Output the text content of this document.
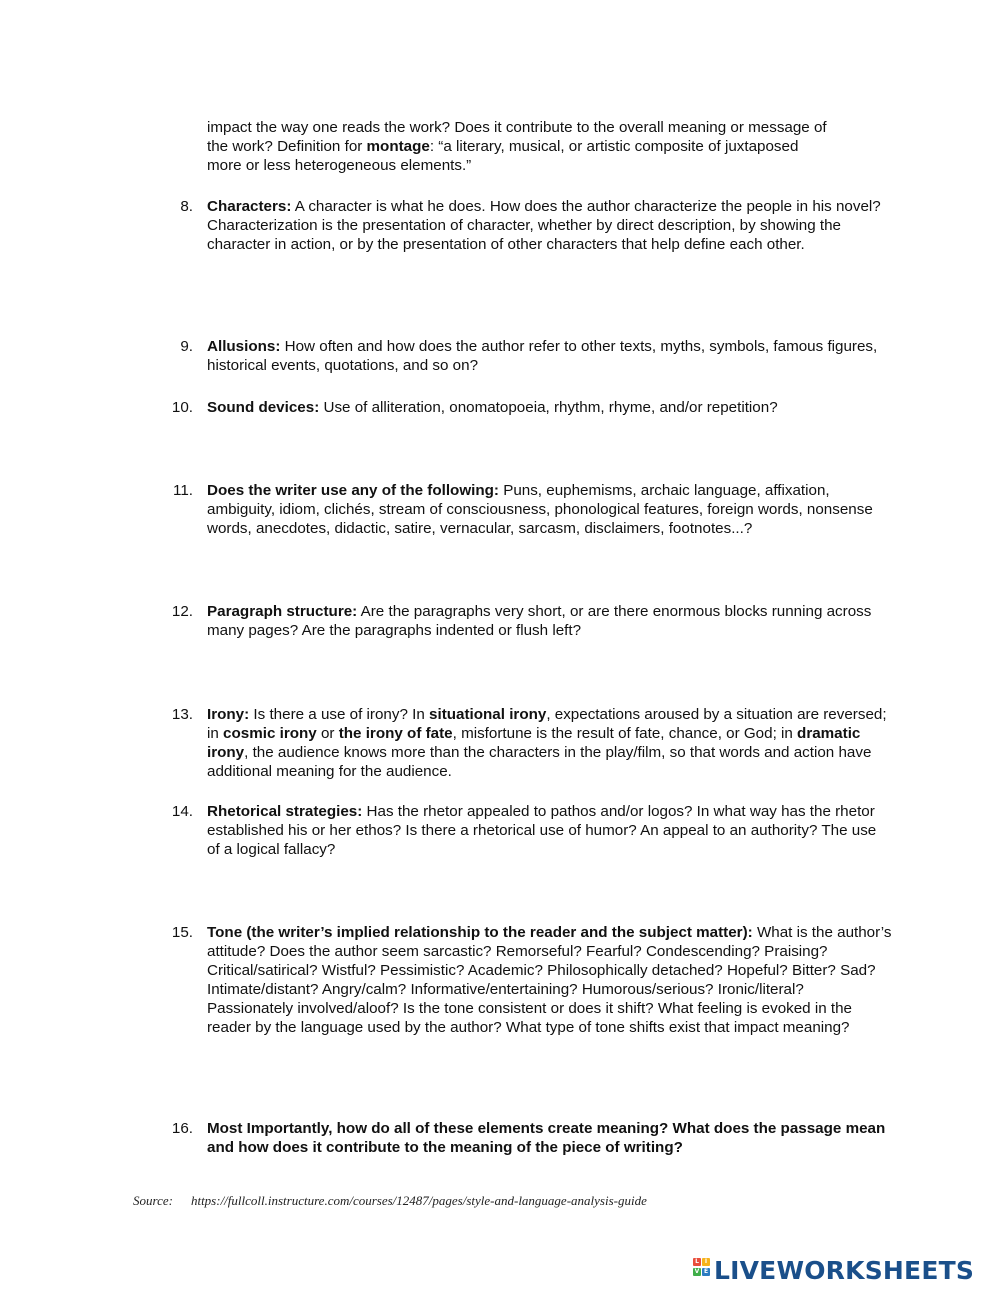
impact the way one reads the work? Does it contribute to the overall meaning or message of
the work? Definition for montage: “a literary, musical, or artistic composite of juxtaposed
more or less heterogeneous elements.”
8. Characters: A character is what he does. How does the author characterize the people in his novel? Characterization is the presentation of character, whether by direct description, by showing the character in action, or by the presentation of other characters that help define each other.
9. Allusions: How often and how does the author refer to other texts, myths, symbols, famous figures, historical events, quotations, and so on?
10. Sound devices: Use of alliteration, onomatopoeia, rhythm, rhyme, and/or repetition?
11. Does the writer use any of the following: Puns, euphemisms, archaic language, affixation, ambiguity, idiom, clichés, stream of consciousness, phonological features, foreign words, nonsense words, anecdotes, didactic, satire, vernacular, sarcasm, disclaimers, footnotes...?
12. Paragraph structure: Are the paragraphs very short, or are there enormous blocks running across many pages? Are the paragraphs indented or flush left?
13. Irony: Is there a use of irony? In situational irony, expectations aroused by a situation are reversed; in cosmic irony or the irony of fate, misfortune is the result of fate, chance, or God; in dramatic irony, the audience knows more than the characters in the play/film, so that words and action have additional meaning for the audience.
14. Rhetorical strategies: Has the rhetor appealed to pathos and/or logos? In what way has the rhetor established his or her ethos? Is there a rhetorical use of humor? An appeal to an authority? The use of a logical fallacy?
15. Tone (the writer’s implied relationship to the reader and the subject matter): What is the author’s attitude? Does the author seem sarcastic? Remorseful? Fearful? Condescending? Praising? Critical/satirical? Wistful? Pessimistic? Academic? Philosophically detached? Hopeful? Bitter? Sad? Intimate/distant? Angry/calm? Informative/entertaining? Humorous/serious? Ironic/literal? Passionately involved/aloof? Is the tone consistent or does it shift? What feeling is evoked in the reader by the language used by the author? What type of tone shifts exist that impact meaning?
16. Most Importantly, how do all of these elements create meaning? What does the passage mean and how does it contribute to the meaning of the piece of writing?
Source: https://fullcoll.instructure.com/courses/12487/pages/style-and-language-analysis-guide
L I
V E LIVEWORKSHEETS
